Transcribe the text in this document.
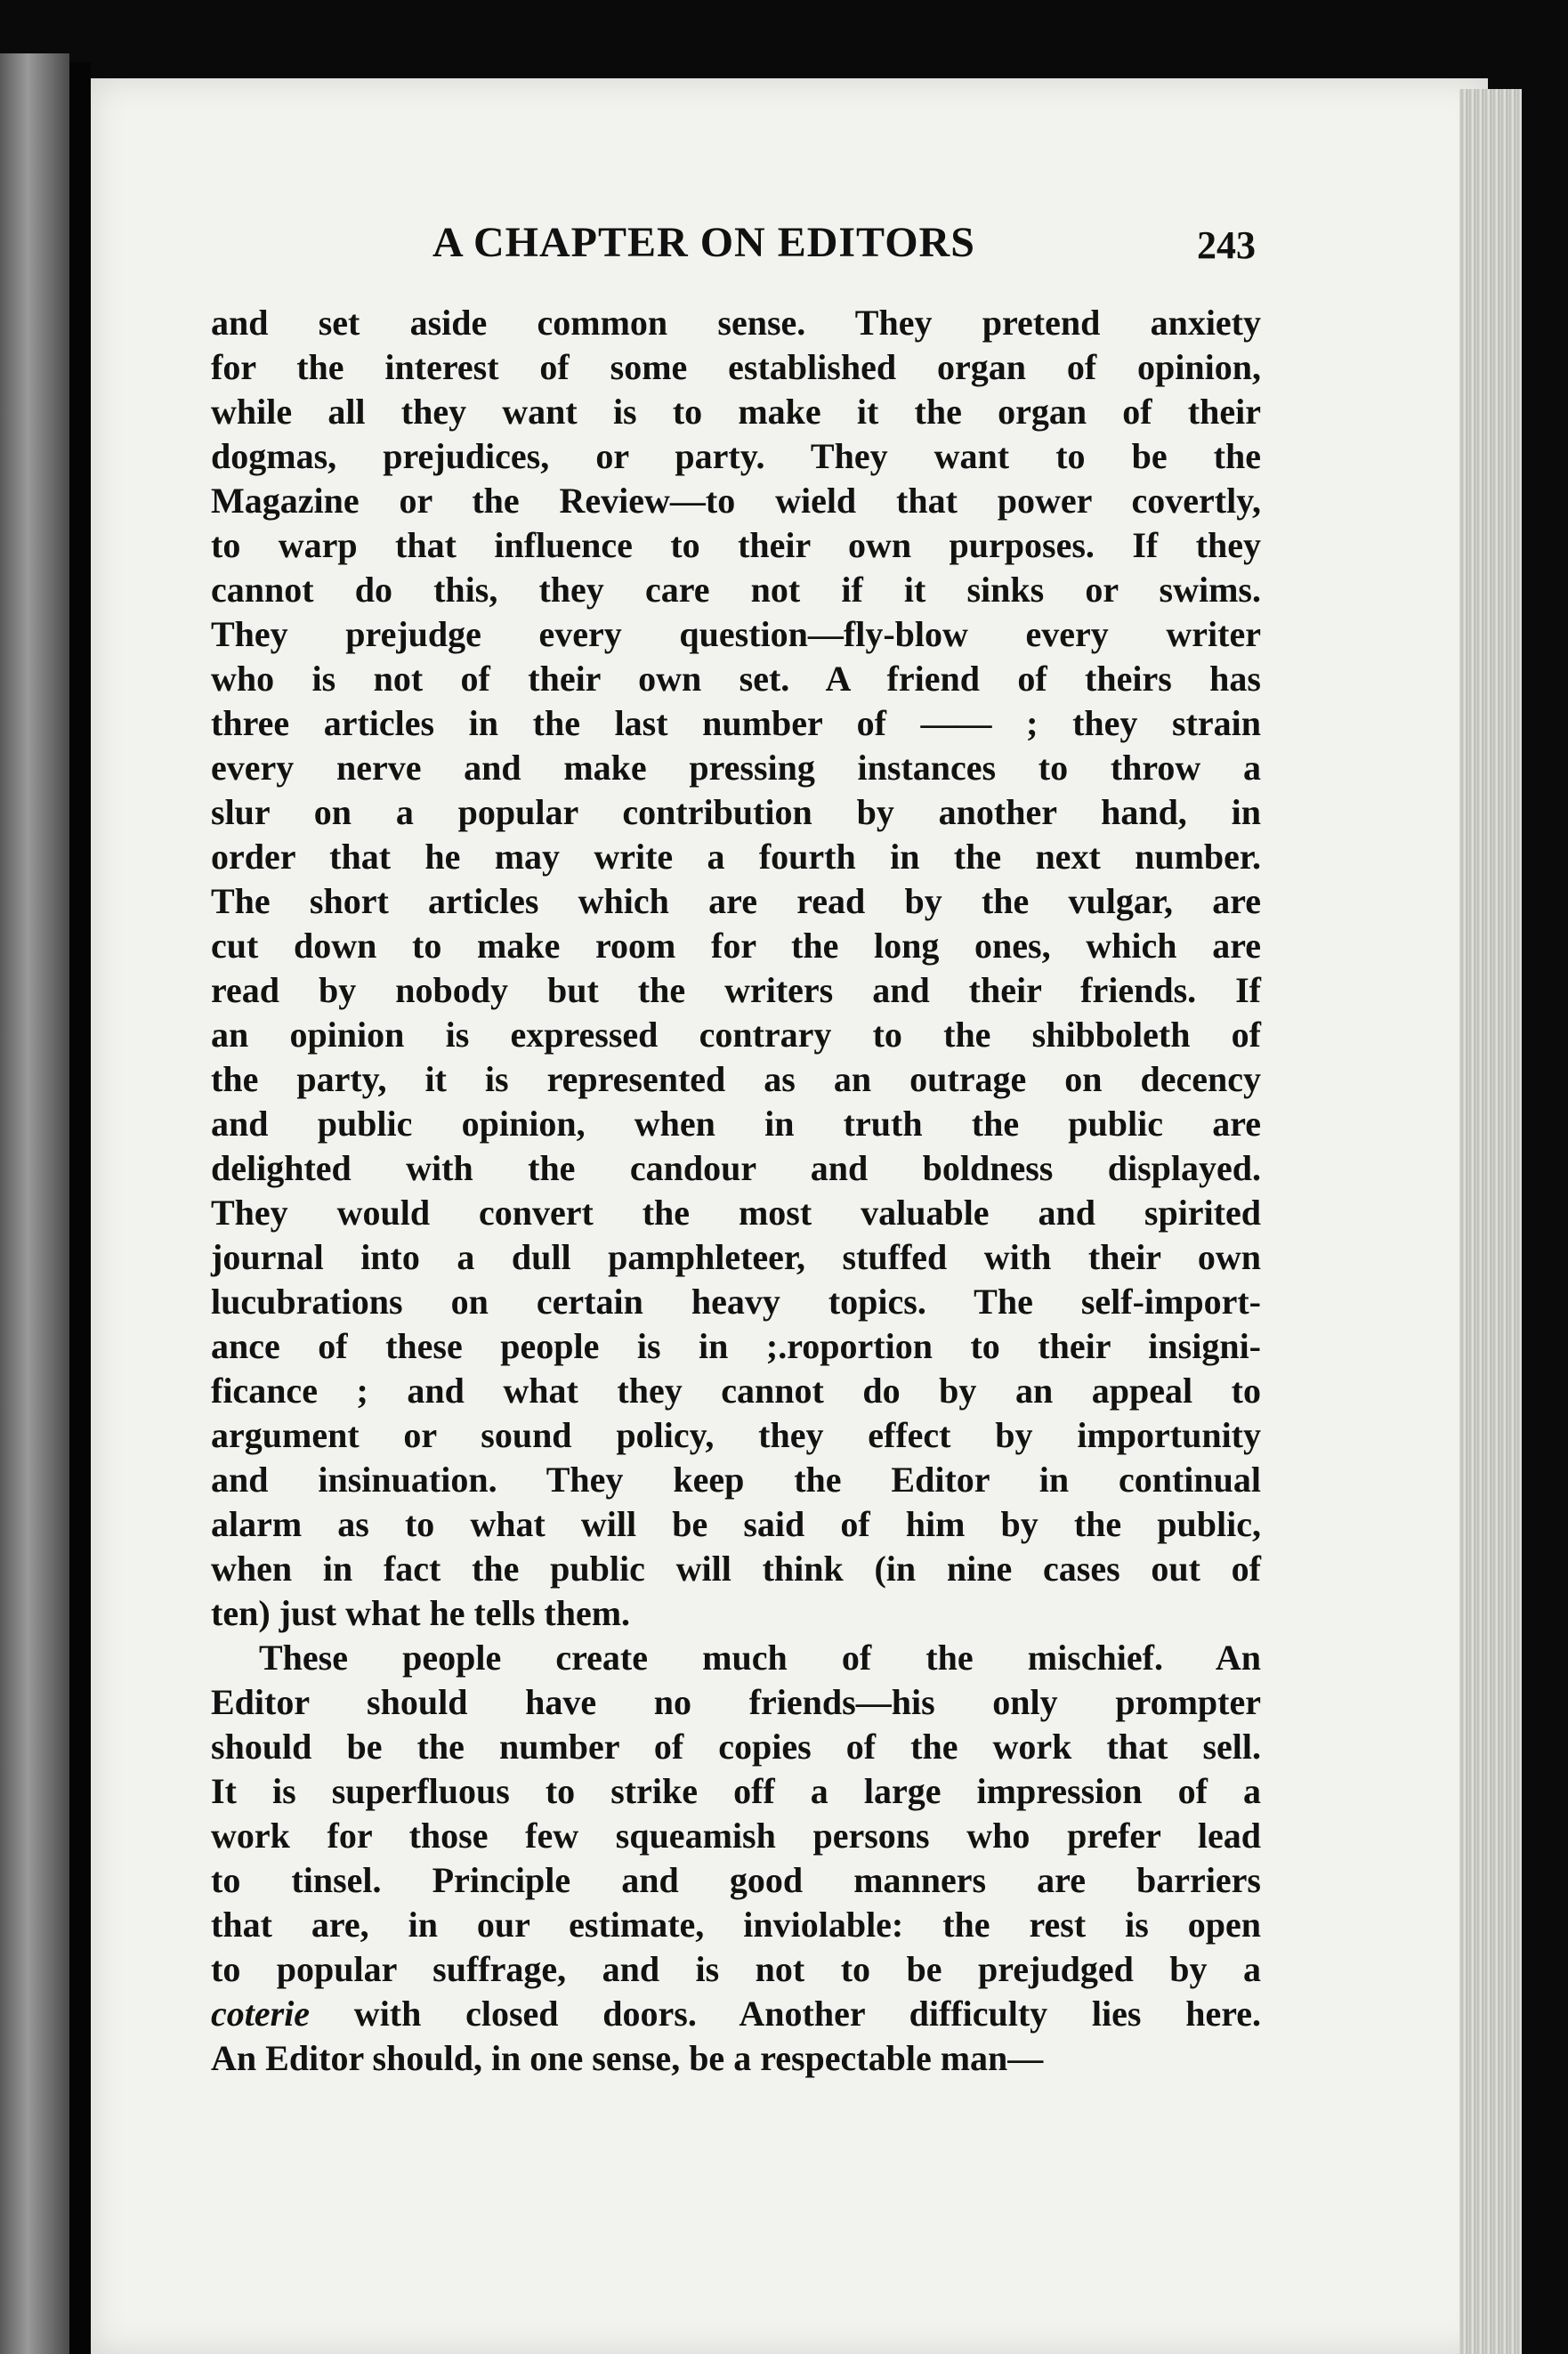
A CHAPTER ON EDITORS	243
and set aside common sense. They pretend anxiety
for the interest of some established organ of opinion,
while all they want is to make it the organ of their
dogmas, prejudices, or party. They want to be the
Magazine or the Review—to wield that power covertly,
to warp that influence to their own purposes. If they
cannot do this, they care not if it sinks or swims.
They prejudge every question—fly-blow every writer
who is not of their own set. A friend of theirs has
three articles in the last number of —— ; they strain
every nerve and make pressing instances to throw a
slur on a popular contribution by another hand, in
order that he may write a fourth in the next number.
The short articles which are read by the vulgar, are
cut down to make room for the long ones, which are
read by nobody but the writers and their friends. If
an opinion is expressed contrary to the shibboleth of
the party, it is represented as an outrage on decency
and public opinion, when in truth the public are
delighted with the candour and boldness displayed.
They would convert the most valuable and spirited
journal into a dull pamphleteer, stuffed with their own
lucubrations on certain heavy topics. The self-import-
ance of these people is in ;.roportion to their insigni-
ficance ; and what they cannot do by an appeal to
argument or sound policy, they effect by importunity
and insinuation. They keep the Editor in continual
alarm as to what will be said of him by the public,
when in fact the public will think (in nine cases out of
ten) just what he tells them.
These people create much of the mischief. An
Editor should have no friends—his only prompter
should be the number of copies of the work that sell.
It is superfluous to strike off a large impression of a
work for those few squeamish persons who prefer lead
to tinsel. Principle and good manners are barriers
that are, in our estimate, inviolable: the rest is open
to popular suffrage, and is not to be prejudged by a
coterie with closed doors. Another difficulty lies here.
An Editor should, in one sense, be a respectable man—
